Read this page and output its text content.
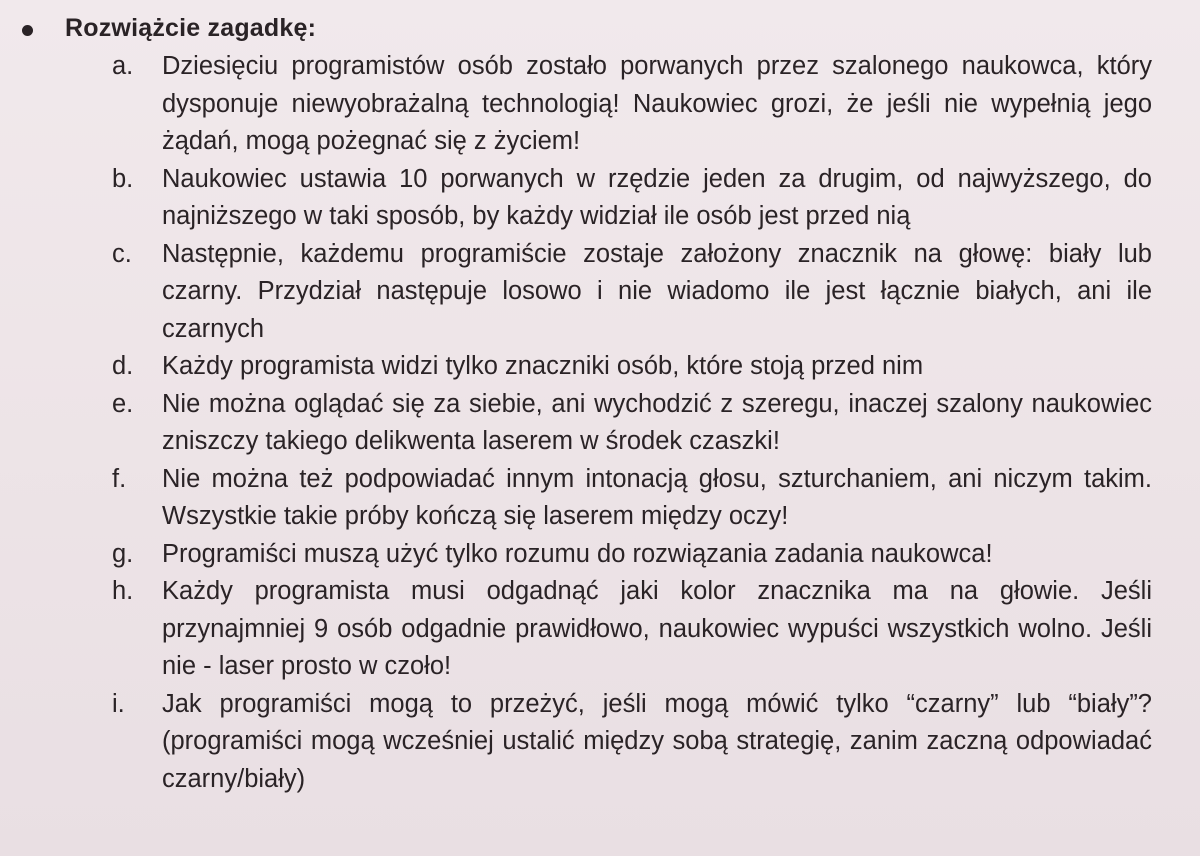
Rozwiążcie zagadkę:
a.	Dziesięciu programistów osób zostało porwanych przez szalonego naukowca, który dysponuje niewyobrażalną technologią! Naukowiec grozi, że jeśli nie wypełnią jego żądań, mogą pożegnać się z życiem!
b.	Naukowiec ustawia 10 porwanych w rzędzie jeden za drugim, od najwyższego, do najniższego w taki sposób, by każdy widział ile osób jest przed nią
c.	Następnie, każdemu programiście zostaje założony znacznik na głowę: biały lub czarny. Przydział następuje losowo i nie wiadomo ile jest łącznie białych, ani ile czarnych
d.	Każdy programista widzi tylko znaczniki osób, które stoją przed nim
e.	Nie można oglądać się za siebie, ani wychodzić z szeregu, inaczej szalony naukowiec zniszczy takiego delikwenta laserem w środek czaszki!
f.	Nie można też podpowiadać innym intonacją głosu, szturchaniem, ani niczym takim. Wszystkie takie próby kończą się laserem między oczy!
g.	Programiści muszą użyć tylko rozumu do rozwiązania zadania naukowca!
h.	Każdy programista musi odgadnąć jaki kolor znacznika ma na głowie. Jeśli przynajmniej 9 osób odgadnie prawidłowo, naukowiec wypuści wszystkich wolno. Jeśli nie - laser prosto w czoło!
i.	Jak programiści mogą to przeżyć, jeśli mogą mówić tylko “czarny” lub “biały”? (programiści mogą wcześniej ustalić między sobą strategię, zanim zaczną odpowiadać czarny/biały)
